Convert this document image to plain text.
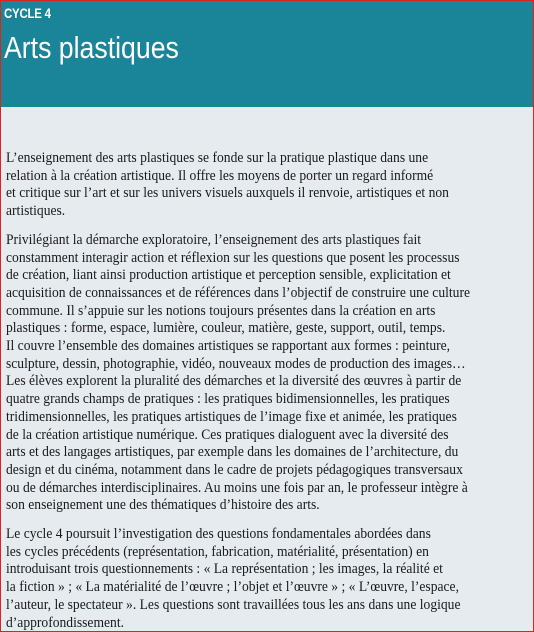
CYCLE 4
Arts plastiques
L’enseignement des arts plastiques se fonde sur la pratique plastique dans une
relation à la création artistique. Il offre les moyens de porter un regard informé
et critique sur l’art et sur les univers visuels auxquels il renvoie, artistiques et non
artistiques.
Privilégiant la démarche exploratoire, l’enseignement des arts plastiques fait
constamment interagir action et réflexion sur les questions que posent les processus
de création, liant ainsi production artistique et perception sensible, explicitation et
acquisition de connaissances et de références dans l’objectif de construire une culture
commune. Il s’appuie sur les notions toujours présentes dans la création en arts
plastiques : forme, espace, lumière, couleur, matière, geste, support, outil, temps.
Il couvre l’ensemble des domaines artistiques se rapportant aux formes : peinture,
sculpture, dessin, photographie, vidéo, nouveaux modes de production des images…
Les élèves explorent la pluralité des démarches et la diversité des œuvres à partir de
quatre grands champs de pratiques : les pratiques bidimensionnelles, les pratiques
tridimensionnelles, les pratiques artistiques de l’image fixe et animée, les pratiques
de la création artistique numérique. Ces pratiques dialoguent avec la diversité des
arts et des langages artistiques, par exemple dans les domaines de l’architecture, du
design et du cinéma, notamment dans le cadre de projets pédagogiques transversaux
ou de démarches interdisciplinaires. Au moins une fois par an, le professeur intègre à
son enseignement une des thématiques d’histoire des arts.
Le cycle 4 poursuit l’investigation des questions fondamentales abordées dans
les cycles précédents (représentation, fabrication, matérialité, présentation) en
introduisant trois questionnements : « La représentation ; les images, la réalité et
la fiction » ; « La matérialité de l’œuvre ; l’objet et l’œuvre » ; « L’œuvre, l’espace,
l’auteur, le spectateur ». Les questions sont travaillées tous les ans dans une logique
d’approfondissement.
